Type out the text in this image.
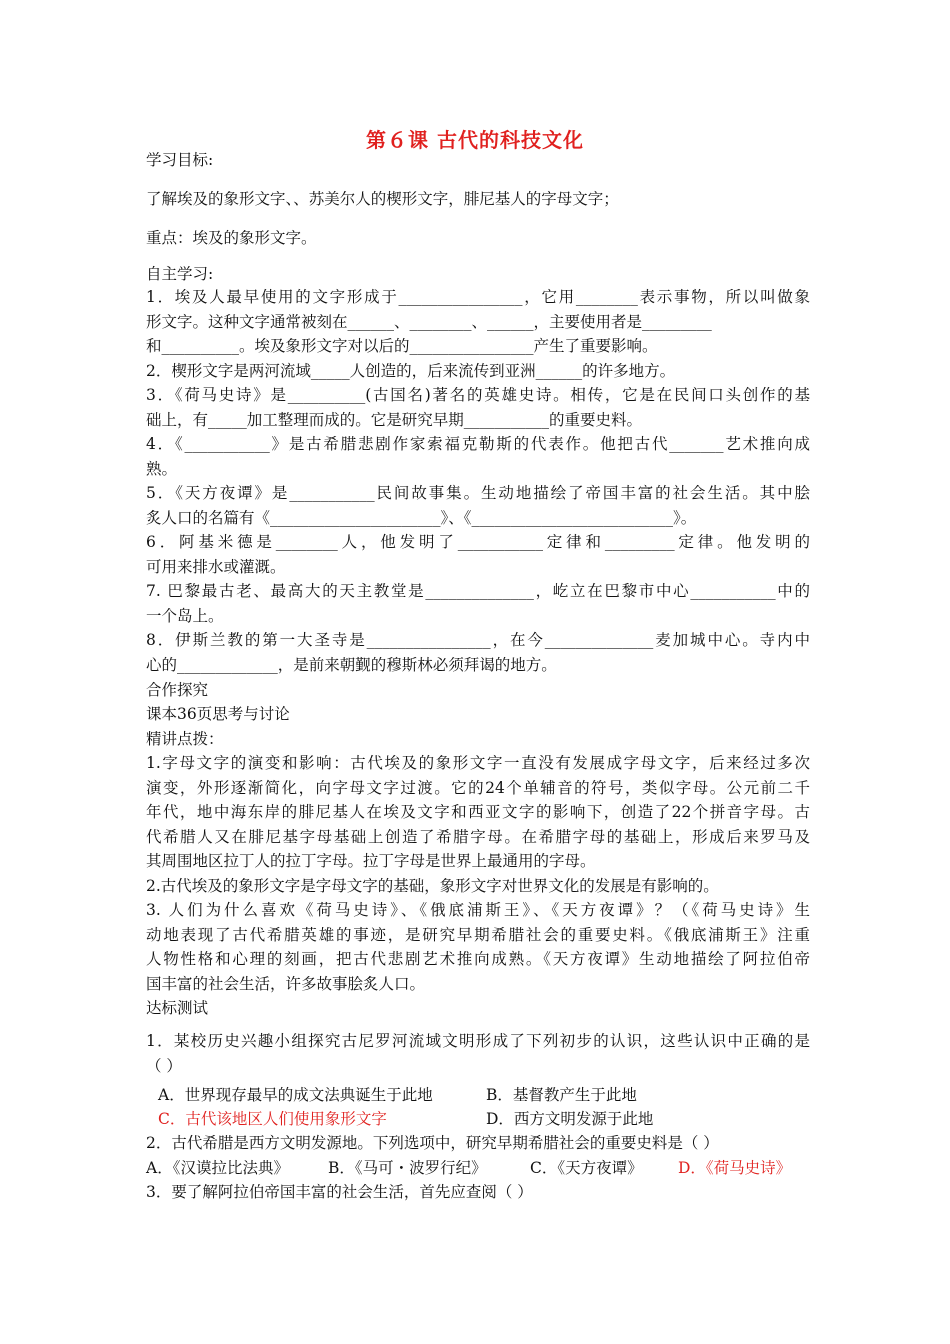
第６课 古代的科技文化
学习目标:
了解埃及的象形文字、、苏美尔人的楔形文字，腓尼基人的字母文字；
重点：埃及的象形文字。
自主学习:
1．埃及人最早使用的文字形成于________________，它用________表示事物，所以叫做象
形文字。这种文字通常被刻在______、________、______，主要使用者是_________
和__________。埃及象形文字对以后的________________产生了重要影响。
2．楔形文字是两河流域_____人创造的，后来流传到亚洲______的许多地方。
3．《荷马史诗》是__________(古国名)著名的英雄史诗。相传，它是在民间口头创作的基
础上，有_____加工整理而成的。它是研究早期___________的重要史料。
4．《___________》是古希腊悲剧作家索福克勒斯的代表作。他把古代_______艺术推向成
熟。
5．《天方夜谭》是___________民间故事集。生动地描绘了帝国丰富的社会生活。其中脍
炙人口的名篇有《______________________》、《__________________________》。
6．阿基米德是________人，他发明了___________定律和_________定律。他发明的
可用来排水或灌溉。
7. 巴黎最古老、最高大的天主教堂是______________，屹立在巴黎市中心___________中的
一个岛上。
8．伊斯兰教的第一大圣寺是________________，在今______________麦加城中心。寺内中
心的_____________，是前来朝觐的穆斯林必须拜谒的地方。
合作探究
课本36页思考与讨论
精讲点拨：
1.字母文字的演变和影响：古代埃及的象形文字一直没有发展成字母文字，后来经过多次
演变，外形逐渐简化，向字母文字过渡。它的24个单辅音的符号，类似字母。公元前二千
年代，地中海东岸的腓尼基人在埃及文字和西亚文字的影响下，创造了22个拼音字母。古
代希腊人又在腓尼基字母基础上创造了希腊字母。在希腊字母的基础上，形成后来罗马及
其周围地区拉丁人的拉丁字母。拉丁字母是世界上最通用的字母。
2.古代埃及的象形文字是字母文字的基础，象形文字对世界文化的发展是有影响的。
3. 人们为什么喜欢《荷马史诗》、《俄底浦斯王》、《天方夜谭》？（《荷马史诗》生
动地表现了古代希腊英雄的事迹，是研究早期希腊社会的重要史料。《俄底浦斯王》注重
人物性格和心理的刻画，把古代悲剧艺术推向成熟。《天方夜谭》生动地描绘了阿拉伯帝
国丰富的社会生活，许多故事脍炙人口。
达标测试
1．某校历史兴趣小组探究古尼罗河流域文明形成了下列初步的认识，这些认识中正确的是
（ ）
A．世界现存最早的成文法典诞生于此地	B．基督教产生于此地
C．古代该地区人们使用象形文字	D．西方文明发源于此地
2．古代希腊是西方文明发源地。下列选项中，研究早期希腊社会的重要史料是（ ）
A．《汉谟拉比法典》	B．《马可・波罗行纪》	C．《天方夜谭》 D．《荷马史诗》
3．要了解阿拉伯帝国丰富的社会生活，首先应查阅（ ）
